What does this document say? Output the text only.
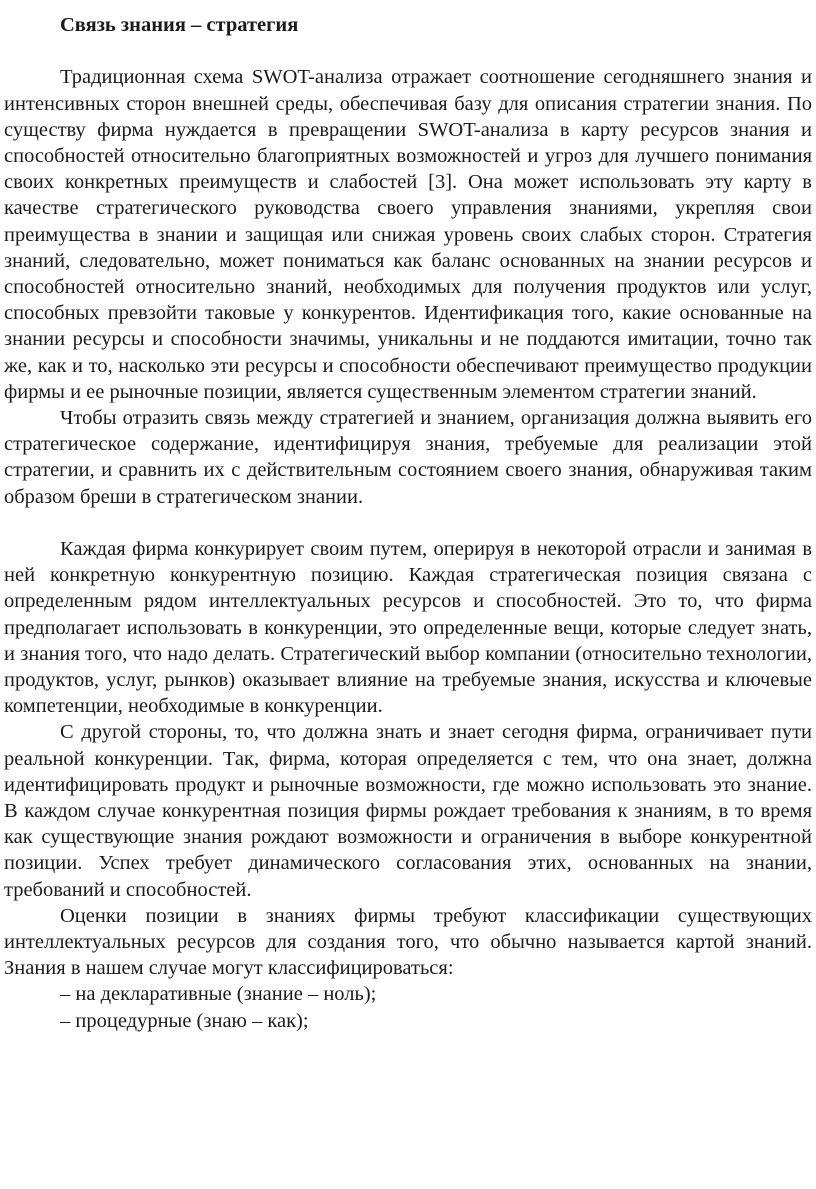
Связь знания – стратегия

Традиционная схема SWOT-анализа отражает соотношение сегодняшнего знания и интенсивных сторон внешней среды, обеспечивая базу для описания стратегии знания. По существу фирма нуждается в превращении SWOT-анализа в карту ресурсов знания и способностей относительно благоприятных возможностей и угроз для лучшего понимания своих конкретных преимуществ и слабостей [3]. Она может использовать эту карту в качестве стратегического руководства своего управления знаниями, укрепляя свои преимущества в знании и защищая или снижая уровень своих слабых сторон. Стратегия знаний, следовательно, может пониматься как баланс основанных на знании ресурсов и способностей относительно знаний, необходимых для получения продуктов или услуг, способных превзойти таковые у конкурентов. Идентификация того, какие основанные на знании ресурсы и способности значимы, уникальны и не поддаются имитации, точно так же, как и то, насколько эти ресурсы и способности обеспечивают преимущество продукции фирмы и ее рыночные позиции, является существенным элементом стратегии знаний.

Чтобы отразить связь между стратегией и знанием, организация должна выявить его стратегическое содержание, идентифицируя знания, требуемые для реализации этой стратегии, и сравнить их с действительным состоянием своего знания, обнаруживая таким образом бреши в стратегическом знании.

Каждая фирма конкурирует своим путем, оперируя в некоторой отрасли и занимая в ней конкретную конкурентную позицию. Каждая стратегическая позиция связана с определенным рядом интеллектуальных ресурсов и способностей. Это то, что фирма предполагает использовать в конкуренции, это определенные вещи, которые следует знать, и знания того, что надо делать. Стратегический выбор компании (относительно технологии, продуктов, услуг, рынков) оказывает влияние на требуемые знания, искусства и ключевые компетенции, необходимые в конкуренции.

С другой стороны, то, что должна знать и знает сегодня фирма, ограничивает пути реальной конкуренции. Так, фирма, которая определяется с тем, что она знает, должна идентифицировать продукт и рыночные возможности, где можно использовать это знание. В каждом случае конкурентная позиция фирмы рождает требования к знаниям, в то время как существующие знания рождают возможности и ограничения в выборе конкурентной позиции. Успех требует динамического согласования этих, основанных на знании, требований и способностей.

Оценки позиции в знаниях фирмы требуют классификации существующих интеллектуальных ресурсов для создания того, что обычно называется картой знаний. Знания в нашем случае могут классифицироваться:

– на декларативные (знание – ноль);

– процедурные (знаю – как);
